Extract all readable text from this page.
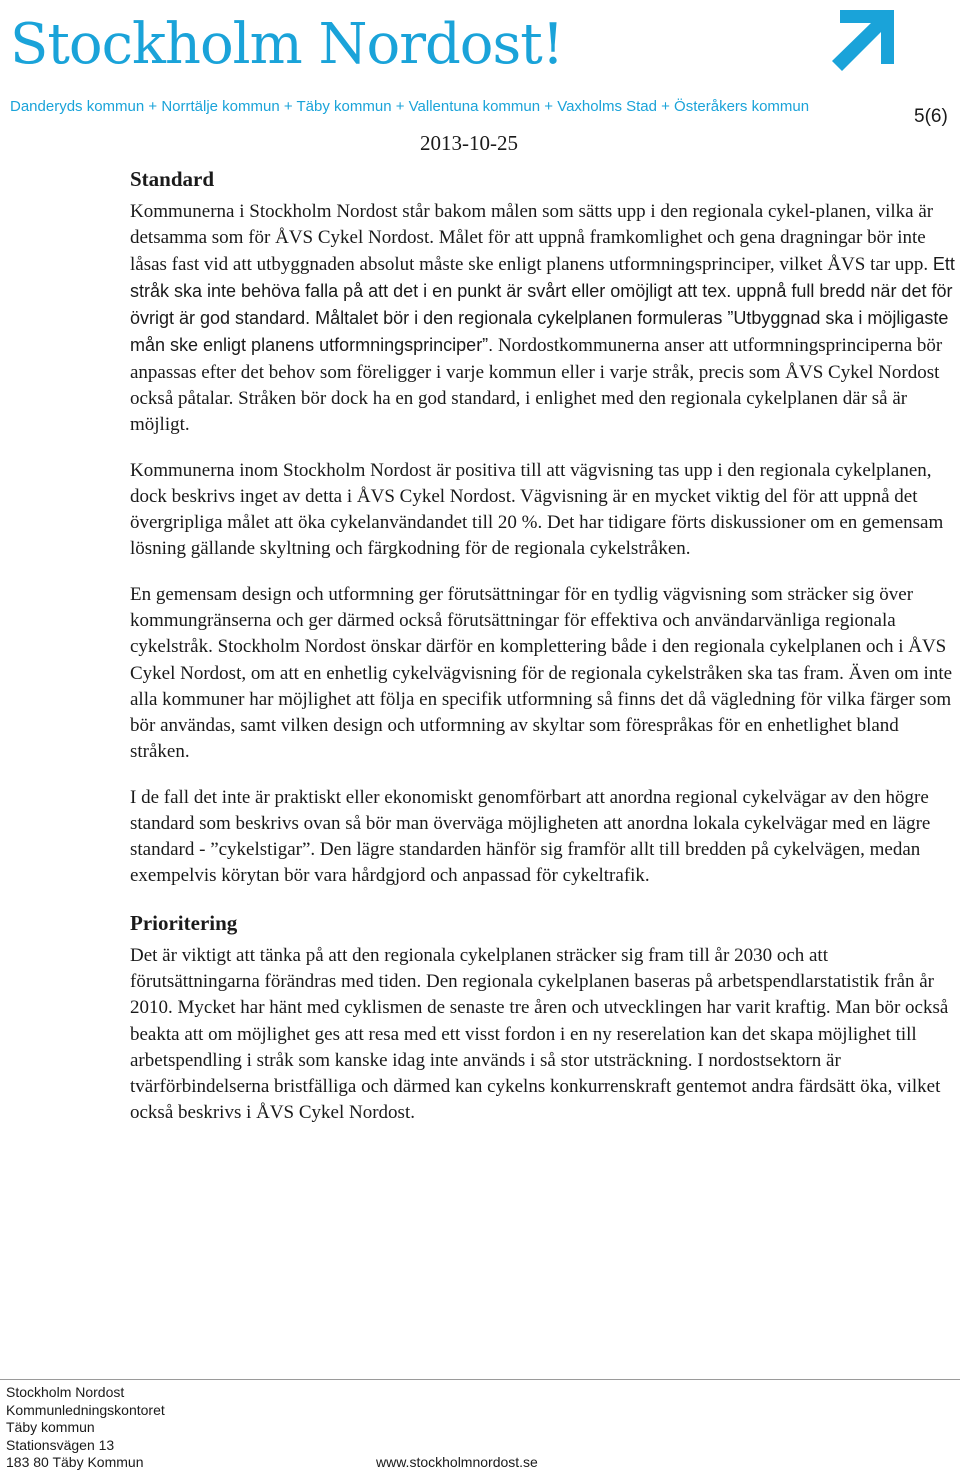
Stockholm Nordost!
Danderyds kommun + Norrtälje kommun + Täby kommun + Vallentuna kommun + Vaxholms Stad + Österåkers kommun	5(6)
2013-10-25
Standard

Kommunerna i Stockholm Nordost står bakom målen som sätts upp i den regionala cykel-planen, vilka är detsamma som för ÅVS Cykel Nordost. Målet för att uppnå framkomlighet och gena dragningar bör inte låsas fast vid att utbyggnaden absolut måste ske enligt planens utformningsprinciper, vilket ÅVS tar upp. Ett stråk ska inte behöva falla på att det i en punkt är svårt eller omöjligt att tex. uppnå full bredd när det för övrigt är god standard. Måltalet bör i den regionala cykelplanen formuleras ”Utbyggnad ska i möjligaste mån ske enligt planens utformningsprinciper”. Nordostkommunerna anser att utformningsprinciperna bör anpassas efter det behov som föreligger i varje kommun eller i varje stråk, precis som ÅVS Cykel Nordost också påtalar. Stråken bör dock ha en god standard, i enlighet med den regionala cykelplanen där så är möjligt.

Kommunerna inom Stockholm Nordost är positiva till att vägvisning tas upp i den regionala cykelplanen, dock beskrivs inget av detta i ÅVS Cykel Nordost. Vägvisning är en mycket viktig del för att uppnå det övergripliga målet att öka cykelanvändandet till 20 %. Det har tidigare förts diskussioner om en gemensam lösning gällande skyltning och färgkodning för de regionala cykelstråken.

En gemensam design och utformning ger förutsättningar för en tydlig vägvisning som sträcker sig över kommungränserna och ger därmed också förutsättningar för effektiva och användarvänliga regionala cykelstråk. Stockholm Nordost önskar därför en komplettering både i den regionala cykelplanen och i ÅVS Cykel Nordost, om att en enhetlig cykelvägvisning för de regionala cykelstråken ska tas fram. Även om inte alla kommuner har möjlighet att följa en specifik utformning så finns det då vägledning för vilka färger som bör användas, samt vilken design och utformning av skyltar som förespråkas för en enhetlighet bland stråken.

I de fall det inte är praktiskt eller ekonomiskt genomförbart att anordna regional cykelvägar av den högre standard som beskrivs ovan så bör man överväga möjligheten att anordna lokala cykelvägar med en lägre standard - ”cykelstigar”. Den lägre standarden hänför sig framför allt till bredden på cykelvägen, medan exempelvis körytan bör vara hårdgjord och anpassad för cykeltrafik.

Prioritering

Det är viktigt att tänka på att den regionala cykelplanen sträcker sig fram till år 2030 och att förutsättningarna förändras med tiden. Den regionala cykelplanen baseras på arbetspendlarstatistik från år 2010. Mycket har hänt med cyklismen de senaste tre åren och utvecklingen har varit kraftig. Man bör också beakta att om möjlighet ges att resa med ett visst fordon i en ny reserelation kan det skapa möjlighet till arbetspendling i stråk som kanske idag inte används i så stor utsträckning. I nordostsektorn är tvärförbindelserna bristfälliga och därmed kan cykelns konkurrenskraft gentemot andra färdsätt öka, vilket också beskrivs i ÅVS Cykel Nordost.

Stockholm Nordost
Kommunledningskontoret
Täby kommun
Stationsvägen 13
183 80 Täby Kommun	www.stockholmnordost.se
